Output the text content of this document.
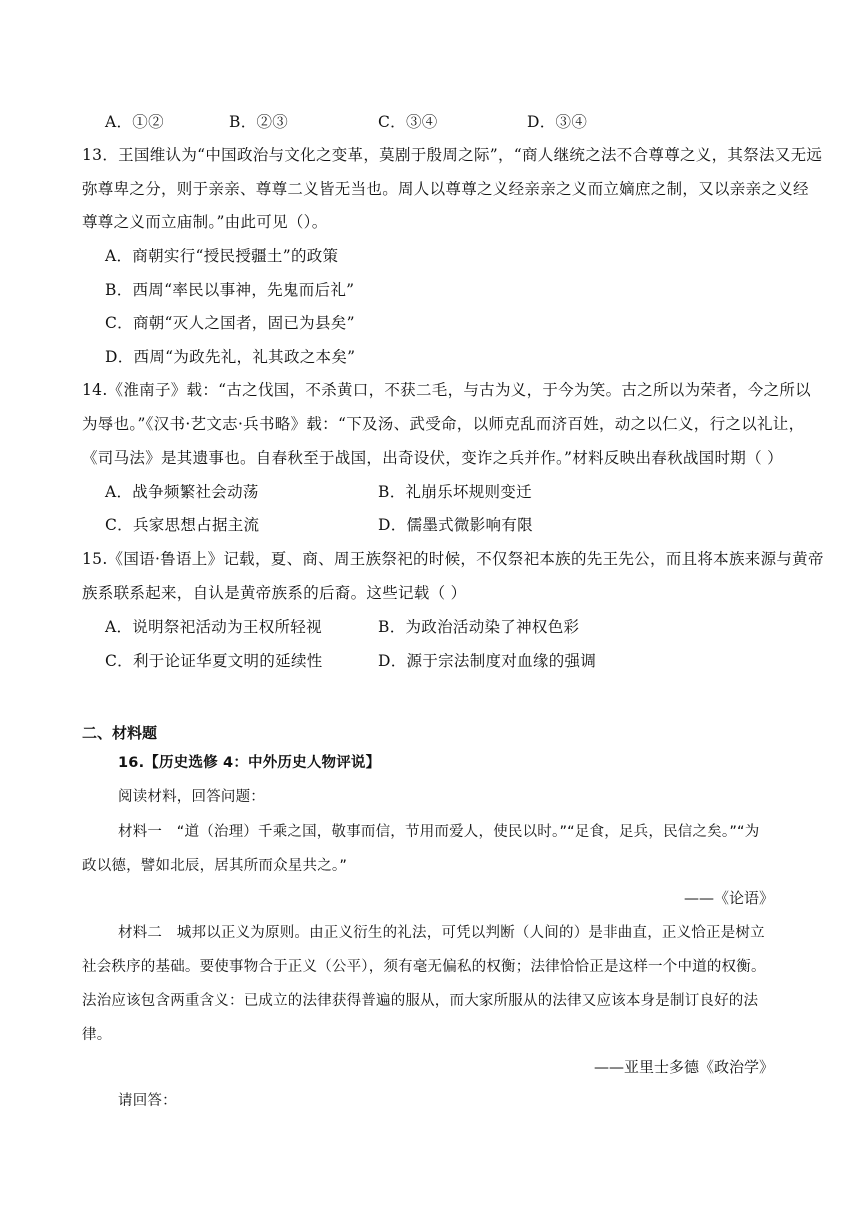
A．①②	B．②③	C．③④	D．③④
13．王国维认为“中国政治与文化之变革，莫剧于殷周之际”，“商人继统之法不合尊尊之义，其祭法又无远
弥尊卑之分，则于亲亲、尊尊二义皆无当也。周人以尊尊之义经亲亲之义而立嫡庶之制，又以亲亲之义经
尊尊之义而立庙制。”由此可见（）。
A．商朝实行“授民授疆土”的政策
B．西周“率民以事神，先鬼而后礼”
C．商朝“灭人之国者，固已为县矣”
D．西周“为政先礼，礼其政之本矣”
14.《淮南子》载：“古之伐国，不杀黄口，不获二毛，与古为义，于今为笑。古之所以为荣者，今之所以
为辱也。”《汉书·艺文志·兵书略》载：“下及汤、武受命，以师克乱而济百姓，动之以仁义，行之以礼让，
《司马法》是其遗事也。自春秋至于战国，出奇设伏，变诈之兵并作。”材料反映出春秋战国时期（ ）
A．战争频繁社会动荡	B．礼崩乐坏规则变迁
C．兵家思想占据主流	D．儒墨式微影响有限
15.《国语·鲁语上》记载，夏、商、周王族祭祀的时候，不仅祭祀本族的先王先公，而且将本族来源与黄帝
族系联系起来，自认是黄帝族系的后裔。这些记载（ ）
A．说明祭祀活动为王权所轻视	B．为政治活动染了神权色彩
C．利于论证华夏文明的延续性	D．源于宗法制度对血缘的强调
二、材料题
16.【历史选修 4：中外历史人物评说】
阅读材料，回答问题：
材料一　“道（治理）千乘之国，敬事而信，节用而爱人，使民以时。”“足食，足兵，民信之矣。”“为
政以德，譬如北辰，居其所而众星共之。”
——《论语》
材料二　城邦以正义为原则。由正义衍生的礼法，可凭以判断（人间的）是非曲直，正义恰正是树立
社会秩序的基础。要使事物合于正义（公平），须有毫无偏私的权衡；法律恰恰正是这样一个中道的权衡。
法治应该包含两重含义：已成立的法律获得普遍的服从，而大家所服从的法律又应该本身是制订良好的法
律。
——亚里士多德《政治学》
请回答：
